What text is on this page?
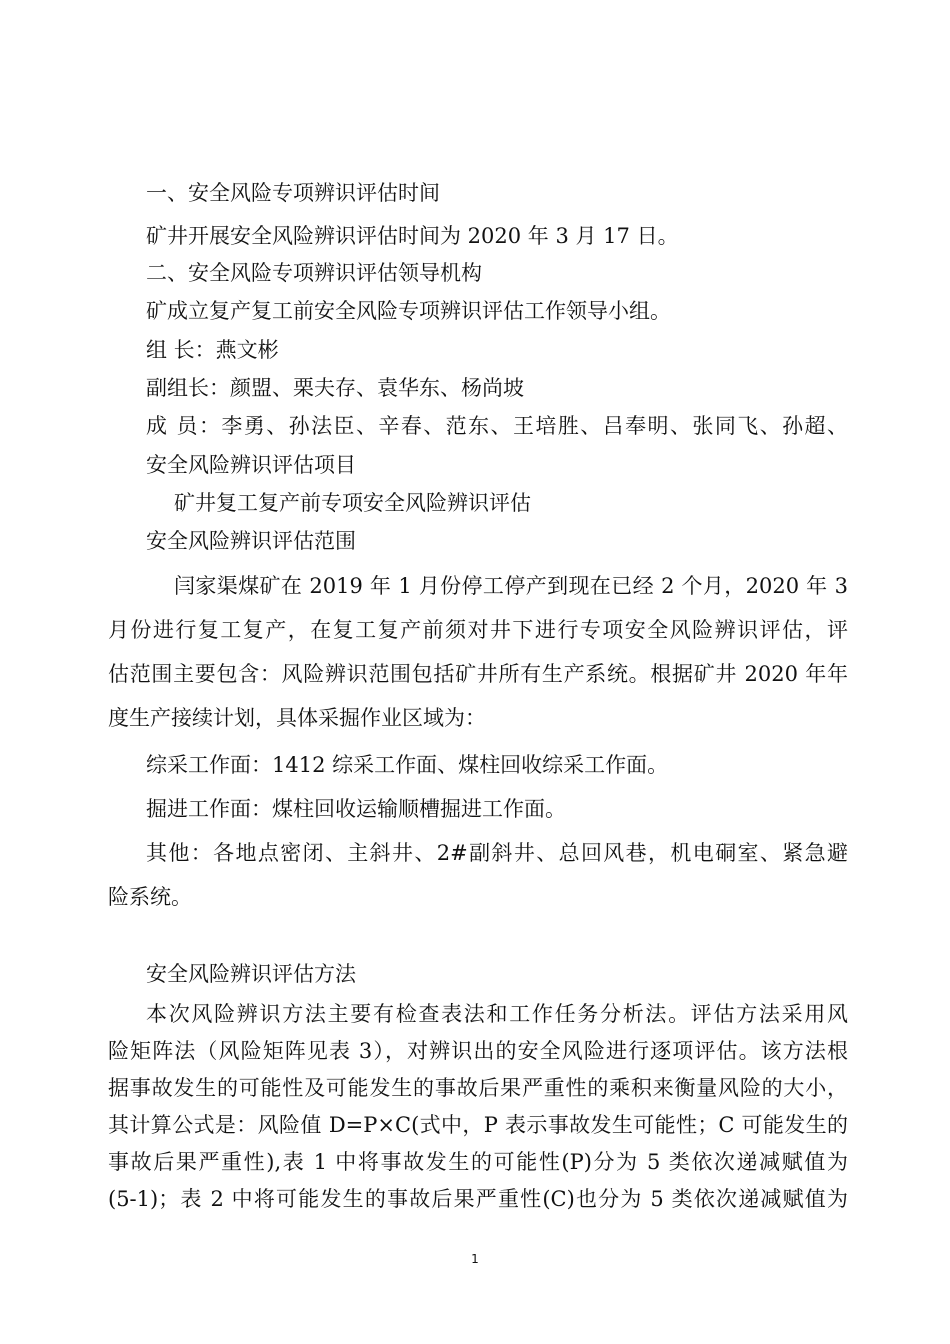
一、安全风险专项辨识评估时间
矿井开展安全风险辨识评估时间为 2020 年 3 月 17 日。
二、安全风险专项辨识评估领导机构
矿成立复产复工前安全风险专项辨识评估工作领导小组。
组 长：燕文彬
副组长：颜盟、栗夫存、袁华东、杨尚坡
成 员：李勇、孙法臣、辛春、范东、王培胜、吕奉明、张同飞、孙超、
安全风险辨识评估项目
矿井复工复产前专项安全风险辨识评估
安全风险辨识评估范围
闫家渠煤矿在 2019 年 1 月份停工停产到现在已经 2 个月，2020 年 3
月份进行复工复产，在复工复产前须对井下进行专项安全风险辨识评估，评
估范围主要包含：风险辨识范围包括矿井所有生产系统。根据矿井 2020 年年
度生产接续计划，具体采掘作业区域为：
综采工作面：1412 综采工作面、煤柱回收综采工作面。
掘进工作面：煤柱回收运输顺槽掘进工作面。
其他：各地点密闭、主斜井、2#副斜井、总回风巷，机电硐室、紧急避
险系统。
安全风险辨识评估方法
本次风险辨识方法主要有检查表法和工作任务分析法。评估方法采用风
险矩阵法（风险矩阵见表 3），对辨识出的安全风险进行逐项评估。该方法根
据事故发生的可能性及可能发生的事故后果严重性的乘积来衡量风险的大小，
其计算公式是：风险值 D=P×C(式中，P 表示事故发生可能性；C 可能发生的
事故后果严重性),表 1 中将事故发生的可能性(P)分为 5 类依次递减赋值为
(5-1)；表 2 中将可能发生的事故后果严重性(C)也分为 5 类依次递减赋值为
1
